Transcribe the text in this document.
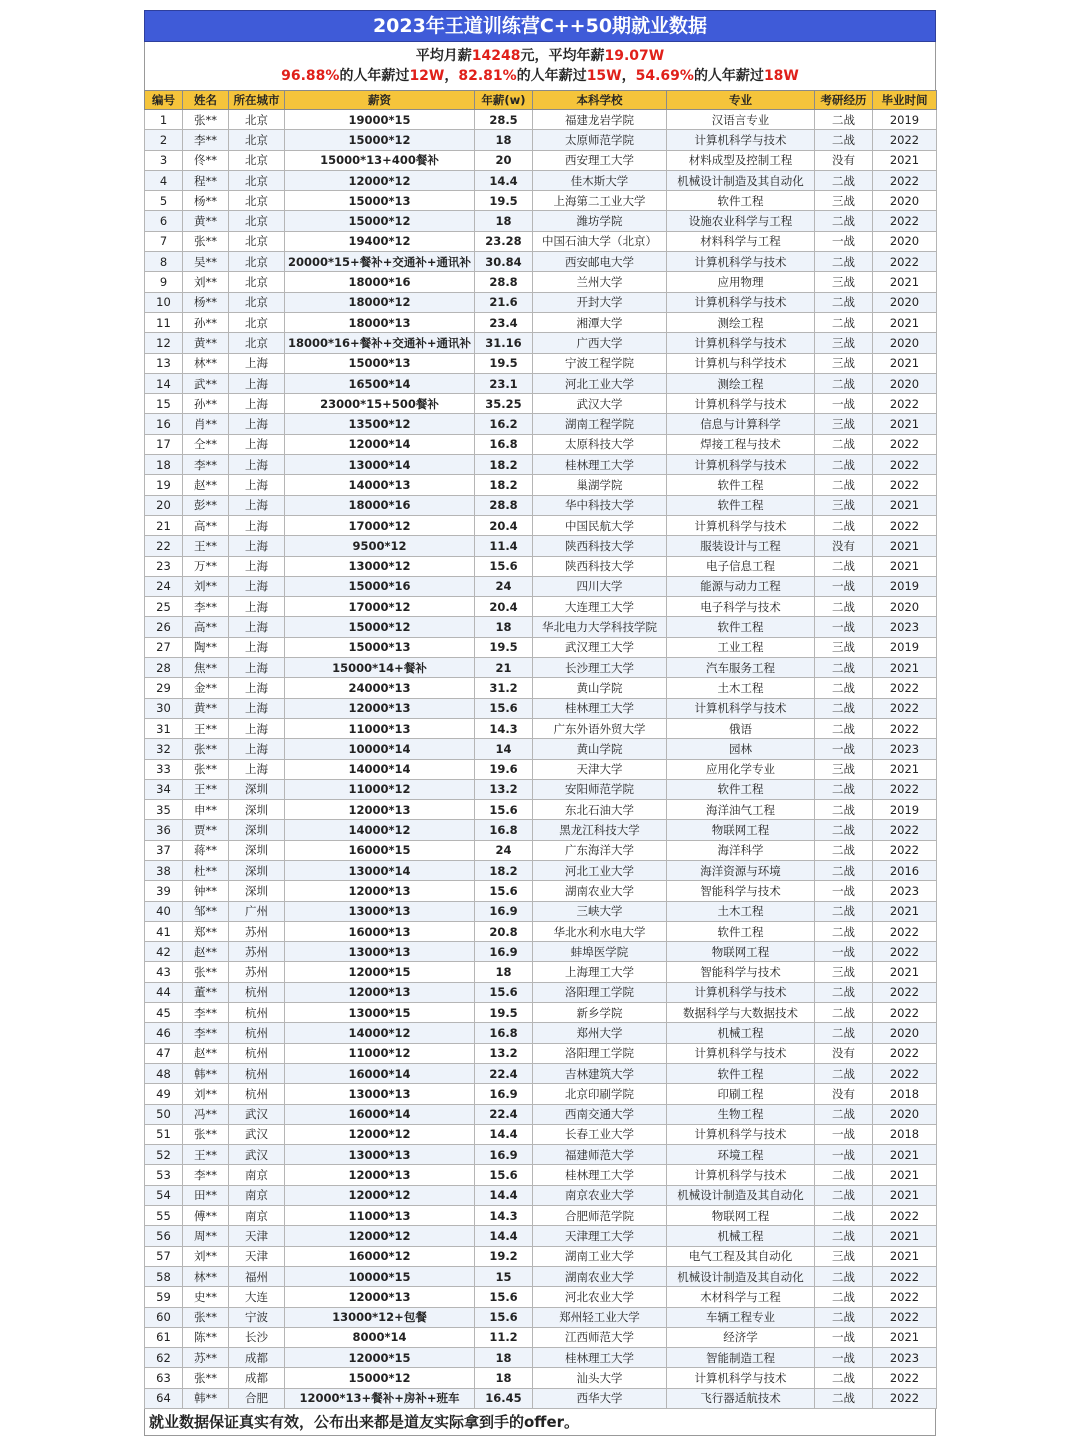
2023年王道训练营C++50期就业数据
平均月薪14248元，平均年薪19.07W
96.88%的人年薪过12W，82.81%的人年薪过15W，54.69%的人年薪过18W
编号	姓名	所在城市	薪资	年薪(w)	本科学校	专业	考研经历	毕业时间
1	张**	北京	19000*15	28.5	福建龙岩学院	汉语言专业	二战	2019
2	李**	北京	15000*12	18	太原师范学院	计算机科学与技术	二战	2022
3	佟**	北京	15000*13+400餐补	20	西安理工大学	材料成型及控制工程	没有	2021
4	程**	北京	12000*12	14.4	佳木斯大学	机械设计制造及其自动化	二战	2022
5	杨**	北京	15000*13	19.5	上海第二工业大学	软件工程	三战	2020
6	黄**	北京	15000*12	18	潍坊学院	设施农业科学与工程	二战	2022
7	张**	北京	19400*12	23.28	中国石油大学（北京）	材料科学与工程	一战	2020
8	吴**	北京	20000*15+餐补+交通补+通讯补	30.84	西安邮电大学	计算机科学与技术	二战	2022
9	刘**	北京	18000*16	28.8	兰州大学	应用物理	三战	2021
10	杨**	北京	18000*12	21.6	开封大学	计算机科学与技术	二战	2020
11	孙**	北京	18000*13	23.4	湘潭大学	测绘工程	二战	2021
12	黄**	北京	18000*16+餐补+交通补+通讯补	31.16	广西大学	计算机科学与技术	三战	2020
13	林**	上海	15000*13	19.5	宁波工程学院	计算机与科学技术	三战	2021
14	武**	上海	16500*14	23.1	河北工业大学	测绘工程	二战	2020
15	孙**	上海	23000*15+500餐补	35.25	武汉大学	计算机科学与技术	一战	2022
16	肖**	上海	13500*12	16.2	湖南工程学院	信息与计算科学	三战	2021
17	仝**	上海	12000*14	16.8	太原科技大学	焊接工程与技术	二战	2022
18	李**	上海	13000*14	18.2	桂林理工大学	计算机科学与技术	二战	2022
19	赵**	上海	14000*13	18.2	巢湖学院	软件工程	二战	2022
20	彭**	上海	18000*16	28.8	华中科技大学	软件工程	三战	2021
21	高**	上海	17000*12	20.4	中国民航大学	计算机科学与技术	二战	2022
22	王**	上海	9500*12	11.4	陕西科技大学	服装设计与工程	没有	2021
23	万**	上海	13000*12	15.6	陕西科技大学	电子信息工程	二战	2021
24	刘**	上海	15000*16	24	四川大学	能源与动力工程	一战	2019
25	李**	上海	17000*12	20.4	大连理工大学	电子科学与技术	二战	2020
26	高**	上海	15000*12	18	华北电力大学科技学院	软件工程	一战	2023
27	陶**	上海	15000*13	19.5	武汉理工大学	工业工程	三战	2019
28	焦**	上海	15000*14+餐补	21	长沙理工大学	汽车服务工程	二战	2021
29	金**	上海	24000*13	31.2	黄山学院	土木工程	二战	2022
30	黄**	上海	12000*13	15.6	桂林理工大学	计算机科学与技术	二战	2022
31	王**	上海	11000*13	14.3	广东外语外贸大学	俄语	二战	2022
32	张**	上海	10000*14	14	黄山学院	园林	一战	2023
33	张**	上海	14000*14	19.6	天津大学	应用化学专业	三战	2021
34	王**	深圳	11000*12	13.2	安阳师范学院	软件工程	二战	2022
35	申**	深圳	12000*13	15.6	东北石油大学	海洋油气工程	二战	2019
36	贾**	深圳	14000*12	16.8	黑龙江科技大学	物联网工程	二战	2022
37	蒋**	深圳	16000*15	24	广东海洋大学	海洋科学	二战	2022
38	杜**	深圳	13000*14	18.2	河北工业大学	海洋资源与环境	二战	2016
39	钟**	深圳	12000*13	15.6	湖南农业大学	智能科学与技术	一战	2023
40	邹**	广州	13000*13	16.9	三峡大学	土木工程	二战	2021
41	郑**	苏州	16000*13	20.8	华北水利水电大学	软件工程	二战	2022
42	赵**	苏州	13000*13	16.9	蚌埠医学院	物联网工程	一战	2022
43	张**	苏州	12000*15	18	上海理工大学	智能科学与技术	三战	2021
44	董**	杭州	12000*13	15.6	洛阳理工学院	计算机科学与技术	二战	2022
45	李**	杭州	13000*15	19.5	新乡学院	数据科学与大数据技术	二战	2022
46	李**	杭州	14000*12	16.8	郑州大学	机械工程	二战	2020
47	赵**	杭州	11000*12	13.2	洛阳理工学院	计算机科学与技术	没有	2022
48	韩**	杭州	16000*14	22.4	吉林建筑大学	软件工程	二战	2022
49	刘**	杭州	13000*13	16.9	北京印刷学院	印刷工程	没有	2018
50	冯**	武汉	16000*14	22.4	西南交通大学	生物工程	二战	2020
51	张**	武汉	12000*12	14.4	长春工业大学	计算机科学与技术	一战	2018
52	王**	武汉	13000*13	16.9	福建师范大学	环境工程	一战	2021
53	李**	南京	12000*13	15.6	桂林理工大学	计算机科学与技术	二战	2021
54	田**	南京	12000*12	14.4	南京农业大学	机械设计制造及其自动化	二战	2021
55	傅**	南京	11000*13	14.3	合肥师范学院	物联网工程	二战	2022
56	周**	天津	12000*12	14.4	天津理工大学	机械工程	二战	2021
57	刘**	天津	16000*12	19.2	湖南工业大学	电气工程及其自动化	三战	2021
58	林**	福州	10000*15	15	湖南农业大学	机械设计制造及其自动化	二战	2022
59	史**	大连	12000*13	15.6	河北农业大学	木材科学与工程	二战	2022
60	张**	宁波	13000*12+包餐	15.6	郑州轻工业大学	车辆工程专业	二战	2022
61	陈**	长沙	8000*14	11.2	江西师范大学	经济学	一战	2021
62	苏**	成都	12000*15	18	桂林理工大学	智能制造工程	一战	2023
63	张**	成都	15000*12	18	汕头大学	计算机科学与技术	二战	2022
64	韩**	合肥	12000*13+餐补+房补+班车	16.45	西华大学	飞行器适航技术	二战	2022
就业数据保证真实有效，公布出来都是道友实际拿到手的offer。
